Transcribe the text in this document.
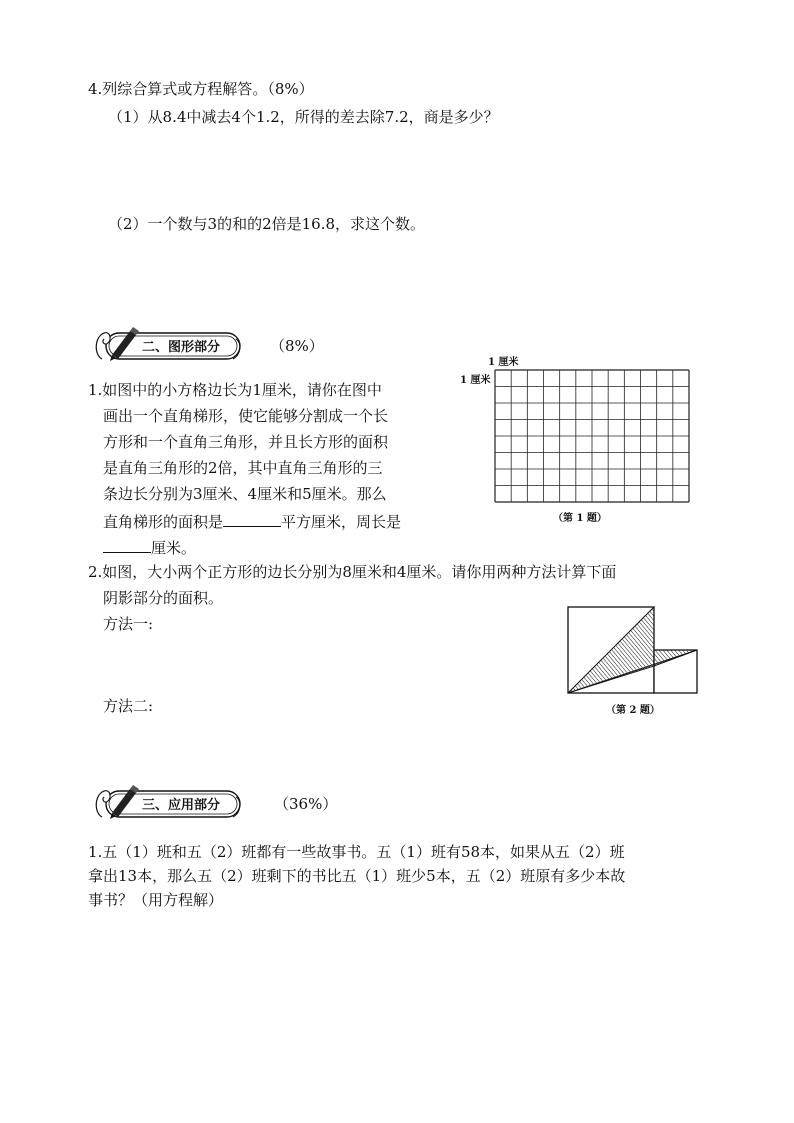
4.列综合算式或方程解答。（8%）
（1）从8.4中减去4个1.2，所得的差去除7.2，商是多少？
（2）一个数与3的和的2倍是16.8，求这个数。
二、图形部分	（8%）
1.如图中的小方格边长为1厘米，请你在图中
画出一个直角梯形，使它能够分割成一个长
方形和一个直角三角形，并且长方形的面积
是直角三角形的2倍，其中直角三角形的三
条边长分别为3厘米、4厘米和5厘米。那么
直角梯形的面积是	平方厘米，周长是
厘米。
1 厘米
1 厘米
（第 1 题）
2.如图，大小两个正方形的边长分别为8厘米和4厘米。请你用两种方法计算下面
阴影部分的面积。
方法一:
方法二:	（第 2 题）
三、应用部分	（36%）
1.五（1）班和五（2）班都有一些故事书。五（1）班有58本，如果从五（2）班
拿出13本，那么五（2）班剩下的书比五（1）班少5本，五（2）班原有多少本故
事书？（用方程解）
